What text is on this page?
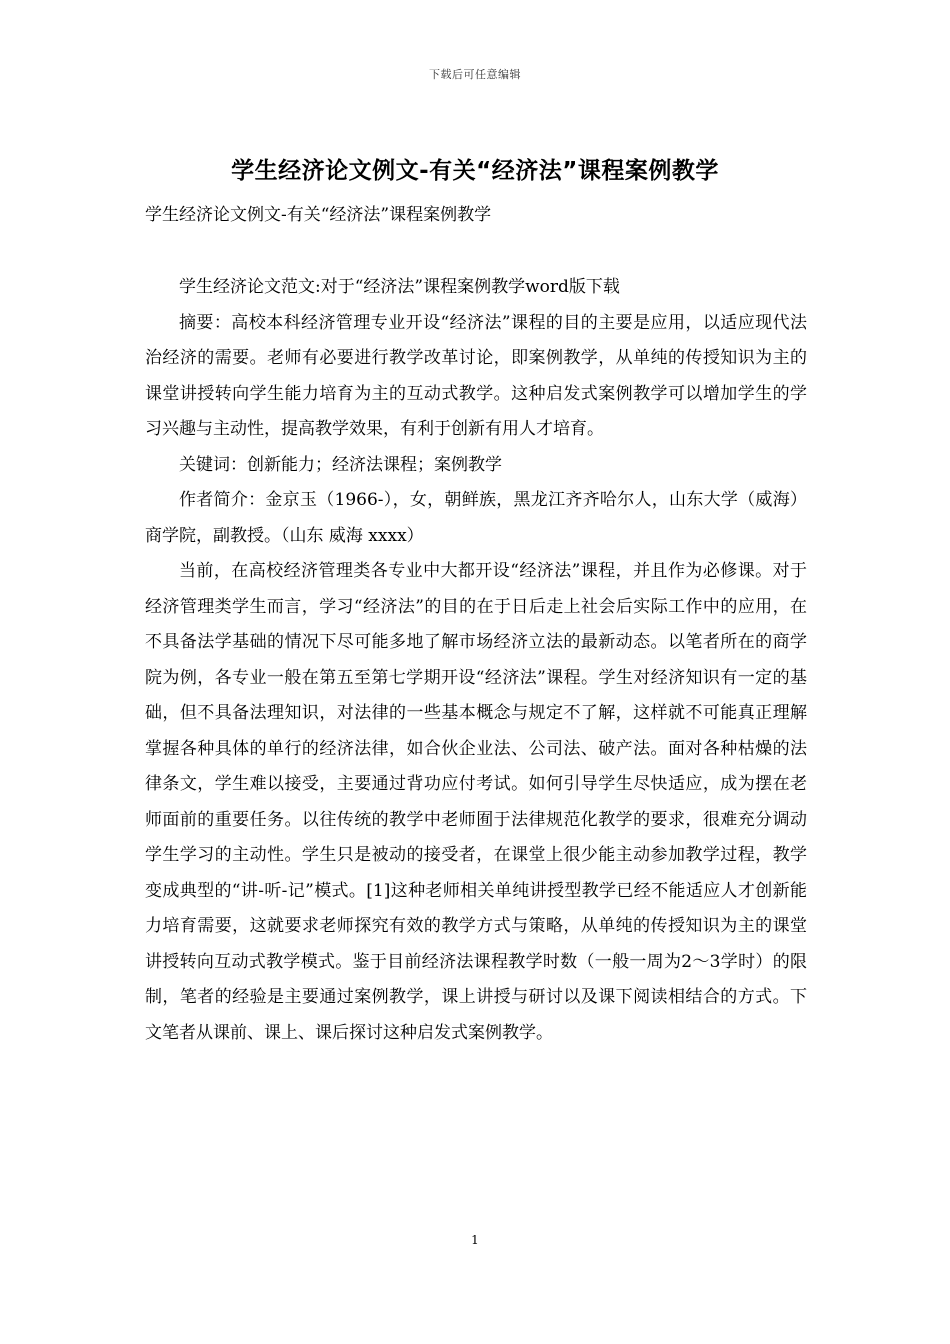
下载后可任意编辑
学生经济论文例文-有关“经济法”课程案例教学
学生经济论文例文-有关“经济法”课程案例教学

学生经济论文范文:对于“经济法”课程案例教学word版下载

摘要：高校本科经济管理专业开设“经济法”课程的目的主要是应用，以适应现代法治经济的需要。老师有必要进行教学改革讨论，即案例教学，从单纯的传授知识为主的课堂讲授转向学生能力培育为主的互动式教学。这种启发式案例教学可以增加学生的学习兴趣与主动性，提高教学效果，有利于创新有用人才培育。

关键词：创新能力；经济法课程；案例教学

作者简介：金京玉（1966-），女，朝鲜族，黑龙江齐齐哈尔人，山东大学（威海）商学院，副教授。（山东 威海 xxxx）

当前，在高校经济管理类各专业中大都开设“经济法”课程，并且作为必修课。对于经济管理类学生而言，学习“经济法”的目的在于日后走上社会后实际工作中的应用，在不具备法学基础的情况下尽可能多地了解市场经济立法的最新动态。以笔者所在的商学院为例，各专业一般在第五至第七学期开设“经济法”课程。学生对经济知识有一定的基础，但不具备法理知识，对法律的一些基本概念与规定不了解，这样就不可能真正理解掌握各种具体的单行的经济法律，如合伙企业法、公司法、破产法。面对各种枯燥的法律条文，学生难以接受，主要通过背功应付考试。如何引导学生尽快适应，成为摆在老师面前的重要任务。以往传统的教学中老师囿于法律规范化教学的要求，很难充分调动学生学习的主动性。学生只是被动的接受者，在课堂上很少能主动参加教学过程，教学变成典型的“讲-听-记”模式。[1]这种老师相关单纯讲授型教学已经不能适应人才创新能力培育需要，这就要求老师探究有效的教学方式与策略，从单纯的传授知识为主的课堂讲授转向互动式教学模式。鉴于目前经济法课程教学时数（一般一周为2～3学时）的限制，笔者的经验是主要通过案例教学，课上讲授与研讨以及课下阅读相结合的方式。下文笔者从课前、课上、课后探讨这种启发式案例教学。

1
